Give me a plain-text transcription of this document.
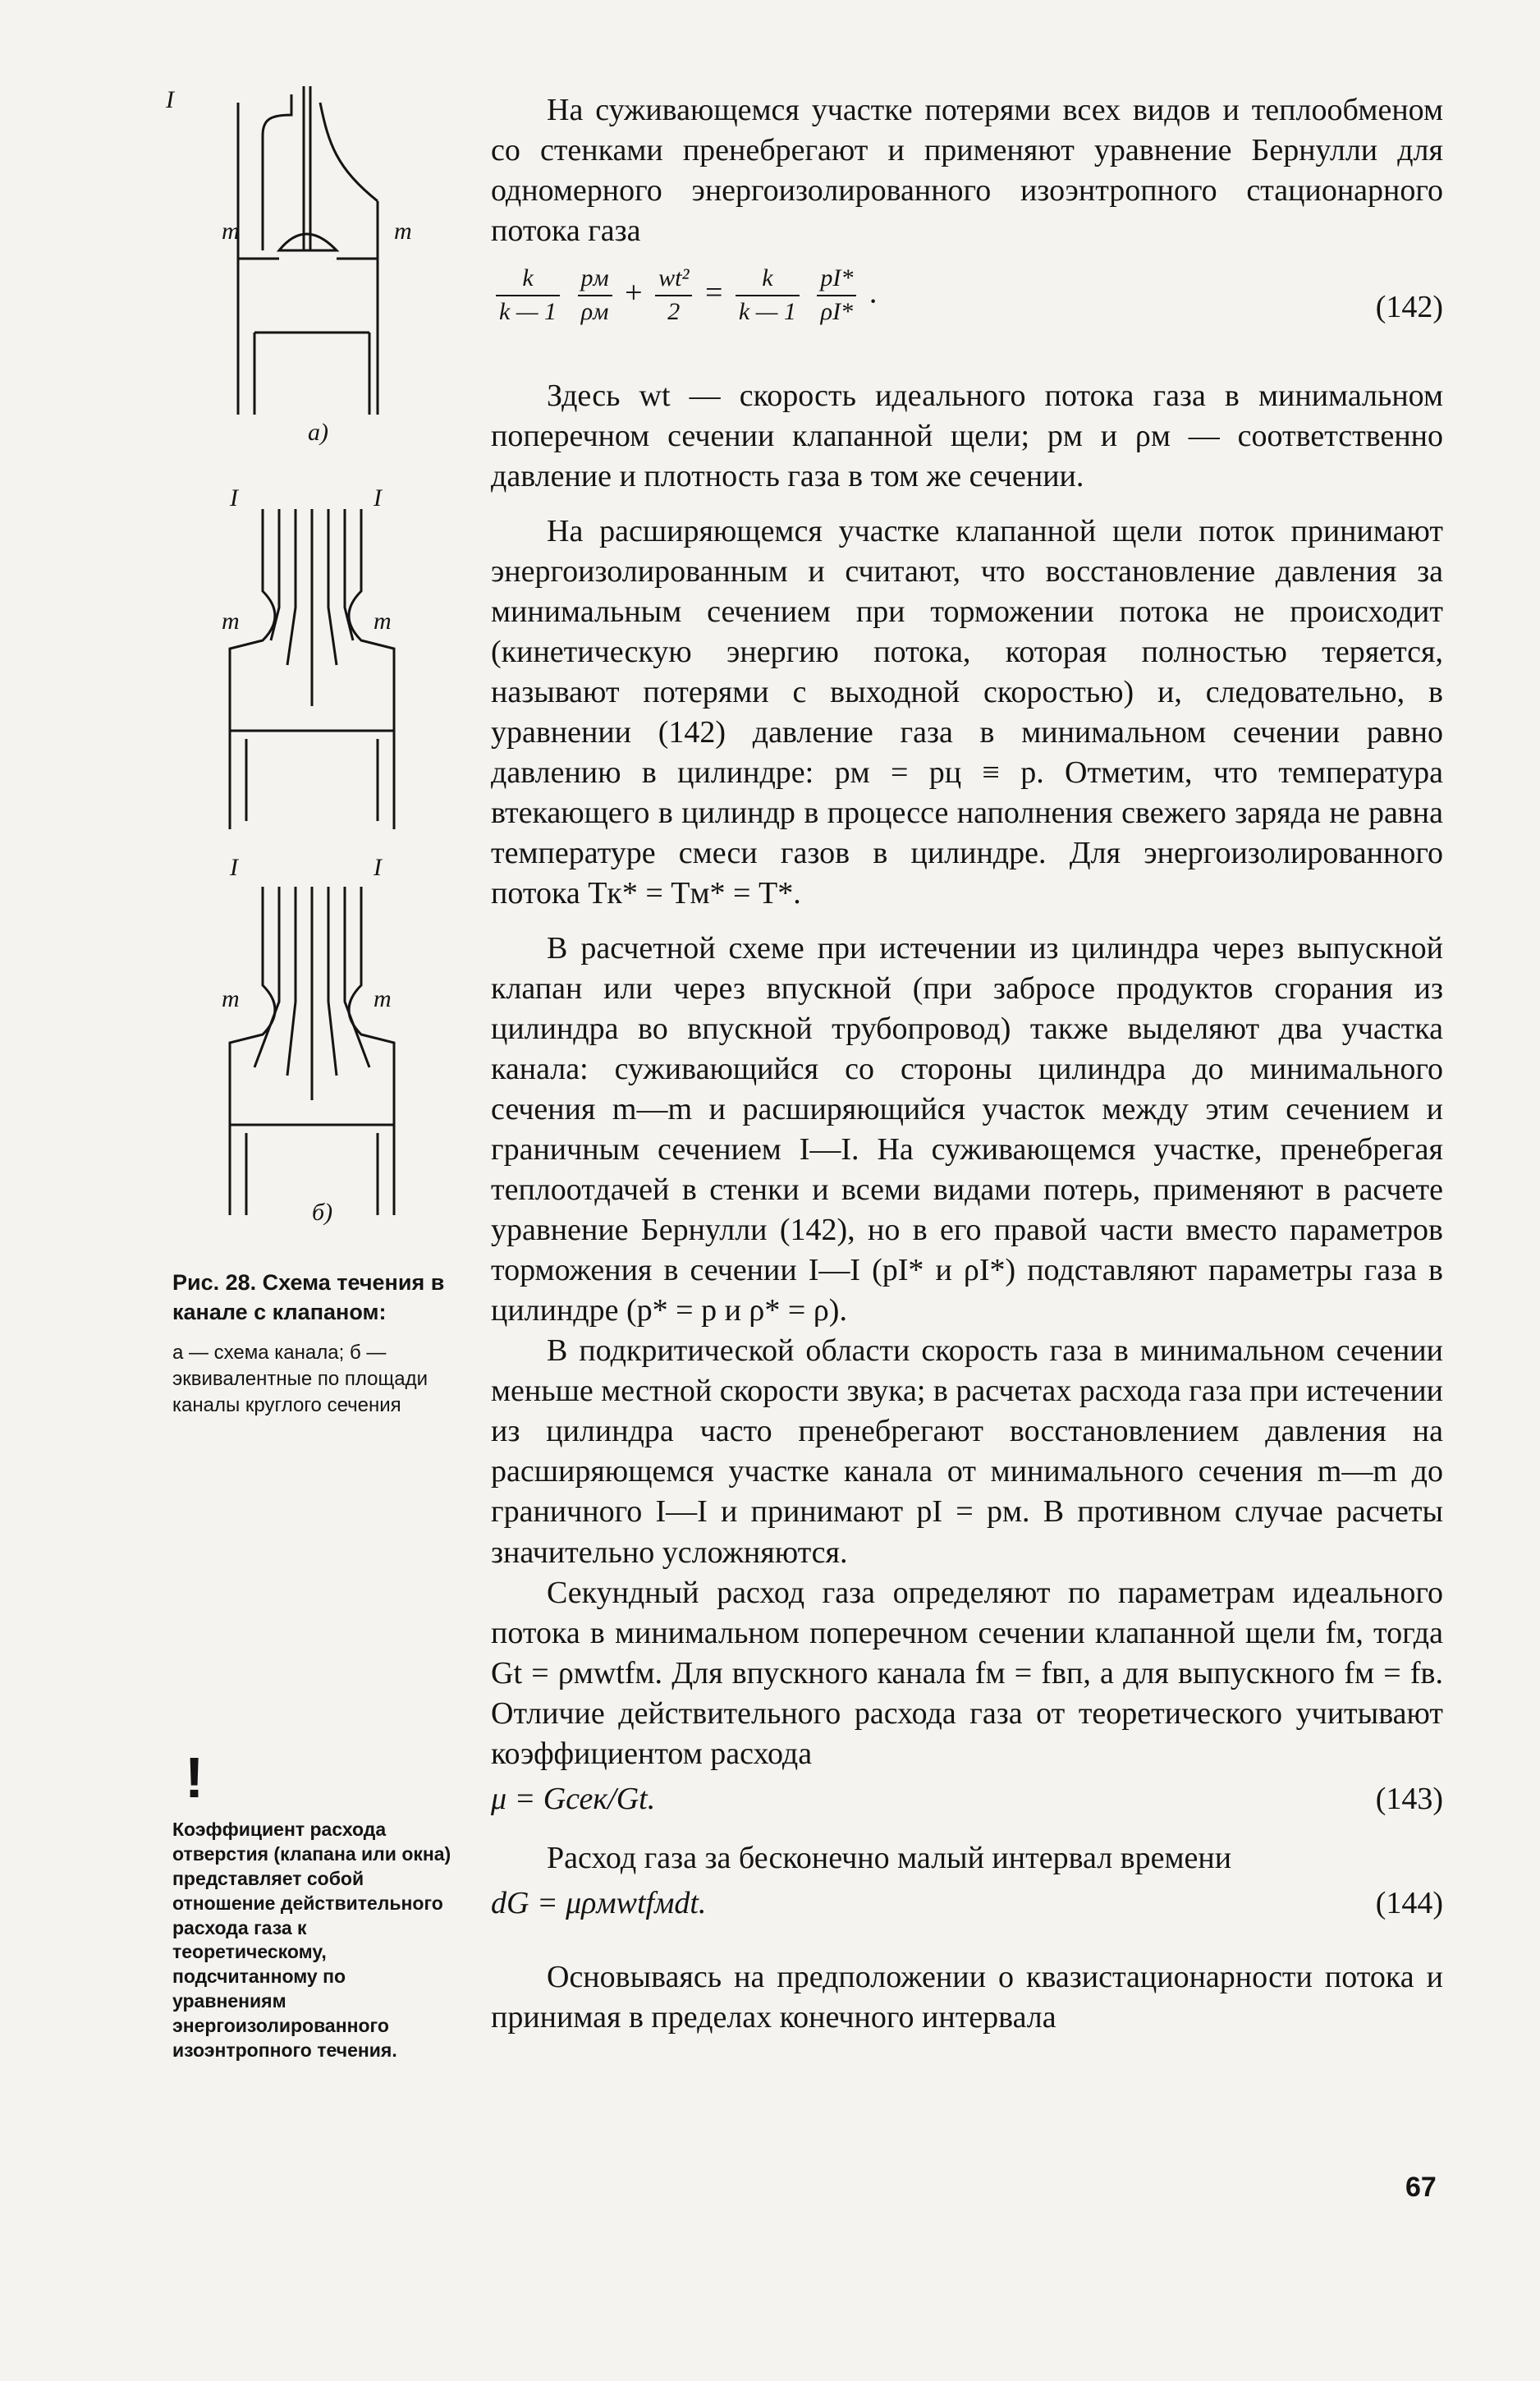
I
m	m
а)
I	I
m	m
I	I
m	m
б)
Рис. 28. Схема течения в канале с клапаном:
а — схема канала; б — эквивалентные по площади каналы круглого сечения
!
Коэффициент расхода отверстия (клапана или окна) представляет собой отношение действительного расхода газа к теоретическому, подсчитанному по уравнениям энергоизолированного изоэнтропного течения.

На суживающемся участке потерями всех видов и теплообменом со стенками пренебрегают и применяют уравнение Бернулли для одномерного энергоизолированного изоэнтропного стационарного потока газа

$\frac{k}{k — 1}$
$\frac{pм}{\rho м} + \frac{\text{wt²}}{2} = \frac{k}{k — 1}$
$\frac{pI*}{\rho I*}$ .	(142)

Здесь wt — скорость идеального потока газа в минимальном поперечном сечении клапанной щели; pм и ρм — соответственно давление и плотность газа в том же сечении.

На расширяющемся участке клапанной щели поток принимают энергоизолированным и считают, что восстановление давления за минимальным сечением при торможении потока не происходит (кинетическую энергию потока, которая полностью теряется, называют потерями с выходной скоростью) и, следовательно, в уравнении (142) давление газа в минимальном сечении равно давлению в цилиндре: pм = pц ≡ p. Отметим, что температура втекающего в цилиндр в процессе наполнения свежего заряда не равна температуре смеси газов в цилиндре. Для энергоизолированного потока Tк* = Tм* = T*.

В расчетной схеме при истечении из цилиндра через выпускной клапан или через впускной (при забросе продуктов сгорания из цилиндра во впускной трубопровод) также выделяют два участка канала: суживающийся со стороны цилиндра до минимального сечения m—m и расширяющийся участок между этим сечением и граничным сечением I—I. На суживающемся участке, пренебрегая теплоотдачей в стенки и всеми видами потерь, применяют в расчете уравнение Бернулли (142), но в его правой части вместо параметров торможения в сечении I—I (pI* и ρI*) подставляют параметры газа в цилиндре (p* = p и ρ* = ρ).

В подкритической области скорость газа в минимальном сечении меньше местной скорости звука; в расчетах расхода газа при истечении из цилиндра часто пренебрегают восстановлением давления на расширяющемся участке канала от минимального сечения m—m до граничного I—I и принимают pI = pм. В противном случае расчеты значительно усложняются.

Секундный расход газа определяют по параметрам идеального потока в минимальном поперечном сечении клапанной щели fм, тогда Gt = ρмwtfм. Для впускного канала fм = fвп, а для выпускного fм = fв. Отличие действительного расхода газа от теоретического учитывают коэффициентом расхода

μ = Gсек/Gt.	(143)

Расход газа за бесконечно малый интервал времени

dG = μρмwtfмdt.	(144)

Основываясь на предположении о квазистационарности потока и принимая в пределах конечного интервала

67
